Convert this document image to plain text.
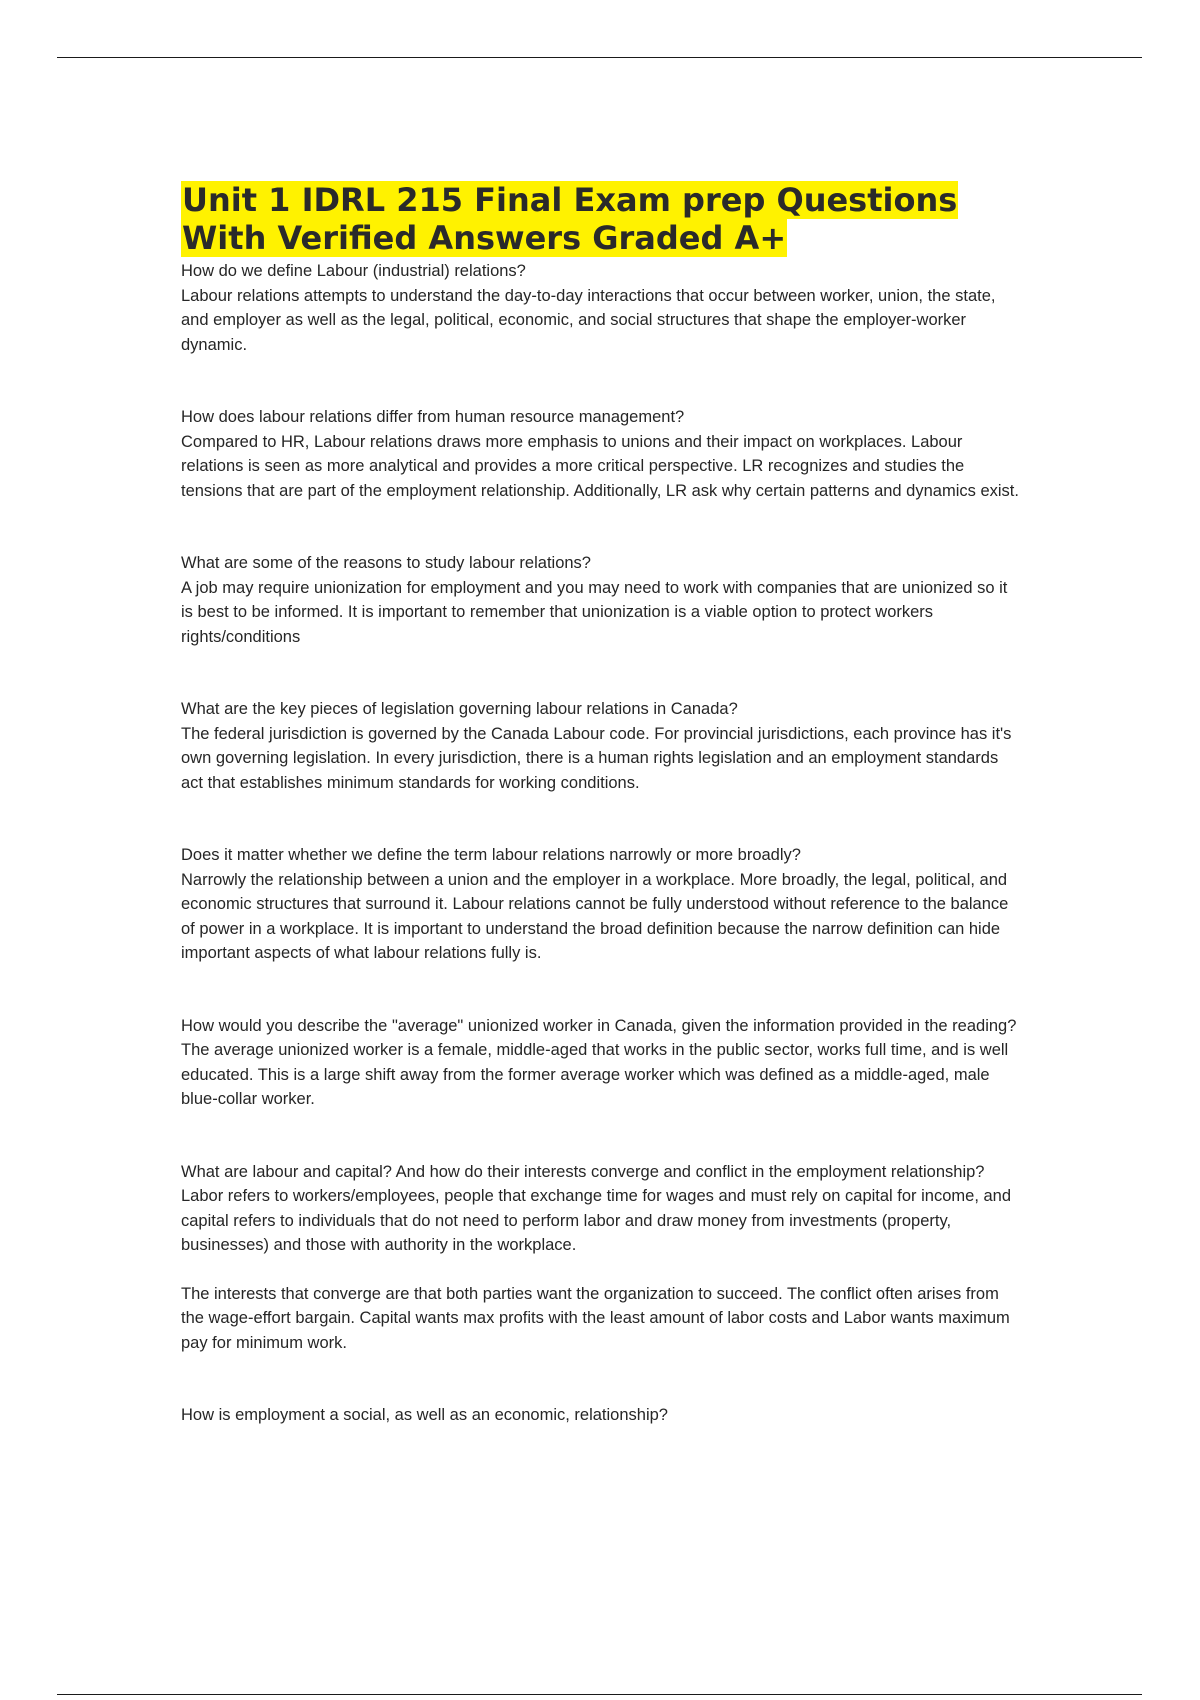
Unit 1 IDRL 215 Final Exam prep Questions
With Verified Answers Graded A+

How do we define Labour (industrial) relations?

Labour relations attempts to understand the day-to-day interactions that occur between worker, union, the state, and employer as well as the legal, political, economic, and social structures that shape the employer-worker dynamic.

How does labour relations differ from human resource management?

Compared to HR, Labour relations draws more emphasis to unions and their impact on workplaces. Labour relations is seen as more analytical and provides a more critical perspective. LR recognizes and studies the tensions that are part of the employment relationship. Additionally, LR ask why certain patterns and dynamics exist.

What are some of the reasons to study labour relations?

A job may require unionization for employment and you may need to work with companies that are unionized so it is best to be informed. It is important to remember that unionization is a viable option to protect workers rights/conditions

What are the key pieces of legislation governing labour relations in Canada?

The federal jurisdiction is governed by the Canada Labour code. For provincial jurisdictions, each province has it's own governing legislation. In every jurisdiction, there is a human rights legislation and an employment standards act that establishes minimum standards for working conditions.

Does it matter whether we define the term labour relations narrowly or more broadly?

Narrowly the relationship between a union and the employer in a workplace. More broadly, the legal, political, and economic structures that surround it. Labour relations cannot be fully understood without reference to the balance of power in a workplace. It is important to understand the broad definition because the narrow definition can hide important aspects of what labour relations fully is.

How would you describe the "average" unionized worker in Canada, given the information provided in the reading?

The average unionized worker is a female, middle-aged that works in the public sector, works full time, and is well educated. This is a large shift away from the former average worker which was defined as a middle-aged, male blue-collar worker.

What are labour and capital? And how do their interests converge and conflict in the employment relationship?

Labor refers to workers/employees, people that exchange time for wages and must rely on capital for income, and capital refers to individuals that do not need to perform labor and draw money from investments (property, businesses) and those with authority in the workplace.

The interests that converge are that both parties want the organization to succeed. The conflict often arises from the wage-effort bargain. Capital wants max profits with the least amount of labor costs and Labor wants maximum pay for minimum work.

How is employment a social, as well as an economic, relationship?
